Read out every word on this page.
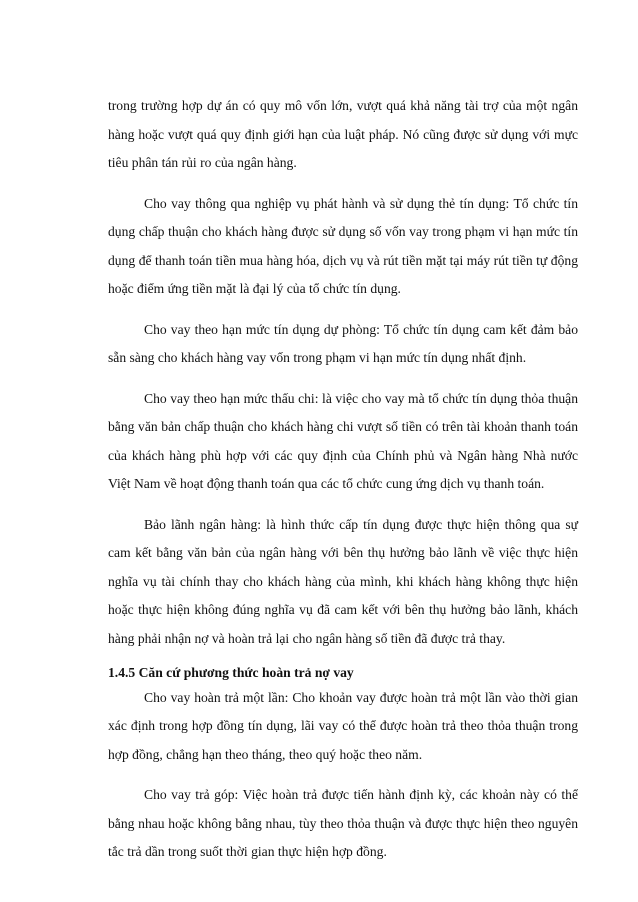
trong trường hợp dự án có quy mô vốn lớn, vượt quá khả năng tài trợ của một ngân hàng hoặc vượt quá quy định giới hạn của luật pháp. Nó cũng được sử dụng với mực tiêu phân tán rủi ro của ngân hàng.

Cho vay thông qua nghiệp vụ phát hành và sử dụng thẻ tín dụng: Tổ chức tín dụng chấp thuận cho khách hàng được sử dụng số vốn vay trong phạm vi hạn mức tín dụng để thanh toán tiền mua hàng hóa, dịch vụ và rút tiền mặt tại máy rút tiền tự động hoặc điểm ứng tiền mặt là đại lý của tổ chức tín dụng.

Cho vay theo hạn mức tín dụng dự phòng: Tổ chức tín dụng cam kết đảm bảo sẵn sàng cho khách hàng vay vốn trong phạm vi hạn mức tín dụng nhất định.

Cho vay theo hạn mức thấu chi: là việc cho vay mà tổ chức tín dụng thỏa thuận bằng văn bản chấp thuận cho khách hàng chi vượt số tiền có trên tài khoản thanh toán của khách hàng phù hợp với các quy định của Chính phủ và Ngân hàng Nhà nước Việt Nam về hoạt động thanh toán qua các tổ chức cung ứng dịch vụ thanh toán.

Bảo lãnh ngân hàng: là hình thức cấp tín dụng được thực hiện thông qua sự cam kết bằng văn bản của ngân hàng với bên thụ hưởng bảo lãnh về việc thực hiện nghĩa vụ tài chính thay cho khách hàng của mình, khi khách hàng không thực hiện hoặc thực hiện không đúng nghĩa vụ đã cam kết với bên thụ hưởng bảo lãnh, khách hàng phải nhận nợ và hoàn trả lại cho ngân hàng số tiền đã được trả thay.

1.4.5 Căn cứ phương thức hoàn trả nợ vay

Cho vay hoàn trả một lần: Cho khoản vay được hoàn trả một lần vào thời gian xác định trong hợp đồng tín dụng, lãi vay có thể được hoàn trả theo thỏa thuận trong hợp đồng, chẳng hạn theo tháng, theo quý hoặc theo năm.

Cho vay trả góp: Việc hoàn trả được tiến hành định kỳ, các khoản này có thể bằng nhau hoặc không bằng nhau, tùy theo thỏa thuận và được thực hiện theo nguyên tắc trả dần trong suốt thời gian thực hiện hợp đồng.
